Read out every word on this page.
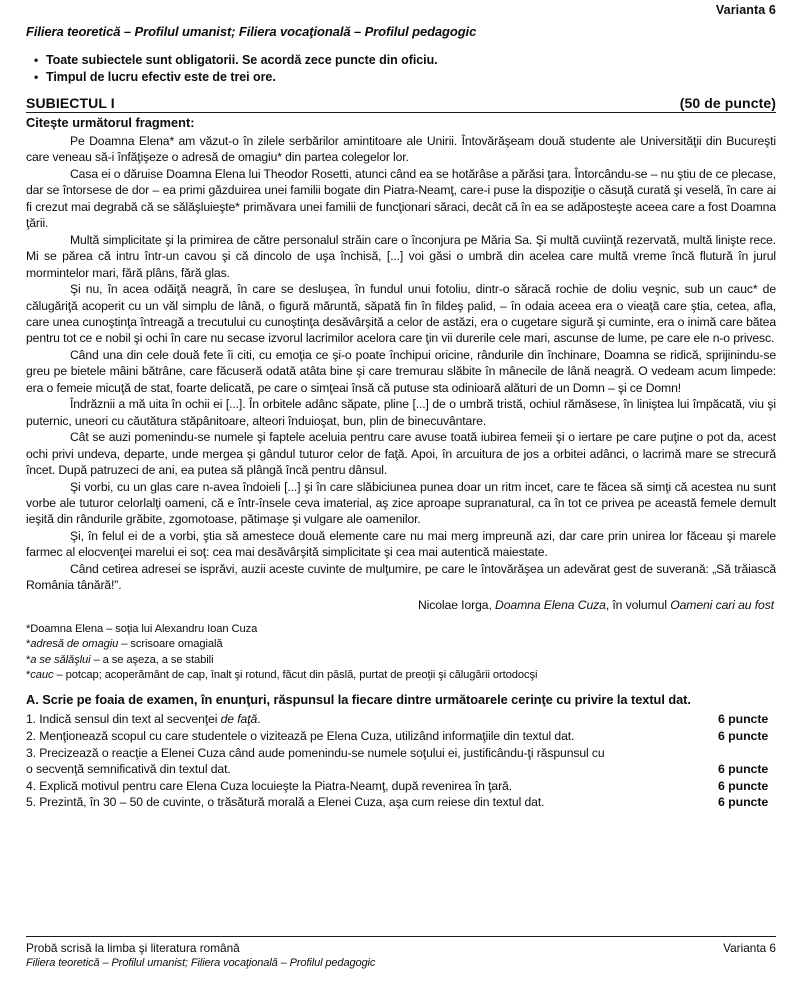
Varianta 6
Filiera teoretică – Profilul umanist; Filiera vocaţională – Profilul pedagogic
• Toate subiectele sunt obligatorii. Se acordă zece puncte din oficiu.
• Timpul de lucru efectiv este de trei ore.
SUBIECTUL I	(50 de puncte)
Citeşte următorul fragment:

Pe Doamna Elena* am văzut-o în zilele serbărilor amintitoare ale Unirii. Întovărăşeam două studente ale Universităţii din Bucureşti care veneau să-i înfăţişeze o adresă de omagiu* din partea colegelor lor.

Casa ei o dăruise Doamna Elena lui Theodor Rosetti, atunci când ea se hotărâse a părăsi ţara. Întorcându-se – nu ştiu de ce plecase, dar se întorsese de dor – ea primi găzduirea unei familii bogate din Piatra-Neamţ, care-i puse la dispoziţie o căsuţă curată şi veselă, în care ai fi crezut mai degrabă că se sălăşluieşte* primăvara unei familii de funcţionari săraci, decât că în ea se adăposteşte aceea care a fost Doamna ţării.

Multă simplicitate şi la primirea de către personalul străin care o înconjura pe Măria Sa. Şi multă cuviinţă rezervată, multă linişte rece. Mi se părea că intru într-un cavou şi că dincolo de uşa închisă, [...] voi găsi o umbră din acelea care multă vreme încă flutură în jurul mormintelor mari, fără plâns, fără glas.

Şi nu, în acea odăiţă neagră, în care se desluşea, în fundul unui fotoliu, dintr-o săracă rochie de doliu veşnic, sub un cauc* de călugăriţă acoperit cu un văl simplu de lână, o figură măruntă, săpată fin în fildeş palid, – în odaia aceea era o vieaţă care ştia, cetea, afla, care unea cunoştinţa întreagă a trecutului cu cunoştinţa desăvârşită a celor de astăzi, era o cugetare sigură şi cuminte, era o inimă care bătea pentru tot ce e nobil şi ochi în care nu secase izvorul lacrimilor acelora care ţin vii durerile cele mari, ascunse de lume, pe care ele n-o privesc.

Când una din cele două fete îi citi, cu emoţia ce şi-o poate închipui oricine, rândurile din închinare, Doamna se ridică, sprijinindu-se greu pe bietele mâini bătrâne, care făcuseră odată atâta bine şi care tremurau slăbite în mânecile de lână neagră. O vedeam acum limpede: era o femeie micuţă de stat, foarte delicată, pe care o simţeai însă că putuse sta odinioară alături de un Domn – şi ce Domn!

Îndrăznii a mă uita în ochii ei [...]. În orbitele adânc săpate, pline [...] de o umbră tristă, ochiul rămăsese, în liniştea lui împăcată, viu şi puternic, uneori cu căutătura stăpânitoare, alteori înduioşat, bun, plin de binecuvântare.

Cât se auzi pomenindu-se numele şi faptele aceluia pentru care avuse toată iubirea femeii şi o iertare pe care puţine o pot da, acest ochi privi undeva, departe, unde mergea şi gândul tuturor celor de faţă. Apoi, în arcuitura de jos a orbitei adânci, o lacrimă mare se strecură încet. După patruzeci de ani, ea putea să plângă încă pentru dânsul.

Şi vorbi, cu un glas care n-avea îndoieli [...] şi în care slăbiciunea punea doar un ritm incet, care te făcea să simţi că acestea nu sunt vorbe ale tuturor celorlalţi oameni, că e într-însele ceva imaterial, aş zice aproape supranatural, ca în tot ce privea pe această femele demult ieşită din rândurile grăbite, zgomotoase, pătimaşe şi vulgare ale oamenilor.

Şi, în felul ei de a vorbi, ştia să amestece două elemente care nu mai merg impreună azi, dar care prin unirea lor făceau şi marele farmec al elocvenţei marelui ei soţ: cea mai desăvârşită simplicitate şi cea mai autentică maiestate.

Când cetirea adresei se isprăvi, auzii aceste cuvinte de mulţumire, pe care le întovărăşea un adevărat gest de suverană: „Să trăiască România tânără!”.

Nicolae Iorga, Doamna Elena Cuza, în volumul Oameni cari au fost
*Doamna Elena – soţia lui Alexandru Ioan Cuza
*adresă de omagiu – scrisoare omagială
*a se sălăşlui – a se aşeza, a se stabili
*cauc – potcap; acoperământ de cap, înalt şi rotund, făcut din pâslă, purtat de preoţii şi călugării ortodocşi
A. Scrie pe foaia de examen, în enunţuri, răspunsul la fiecare dintre următoarele cerinţe cu privire la textul dat.
1. Indică sensul din text al secvenţei de faţă.	6 puncte
2. Menţionează scopul cu care studentele o vizitează pe Elena Cuza, utilizând informaţiile din textul dat.	6 puncte
3. Precizează o reacţie a Elenei Cuza când aude pomenindu-se numele soţului ei, justificându-ţi răspunsul cu
o secvenţă semnificativă din textul dat.	6 puncte
4. Explică motivul pentru care Elena Cuza locuieşte la Piatra-Neamţ, după revenirea în ţară.	6 puncte
5. Prezintă, în 30 – 50 de cuvinte, o trăsătură morală a Elenei Cuza, aşa cum reiese din textul dat.	6 puncte
Probă scrisă la limba şi literatura română	Varianta 6
Filiera teoretică – Profilul umanist; Filiera vocaţională – Profilul pedagogic
